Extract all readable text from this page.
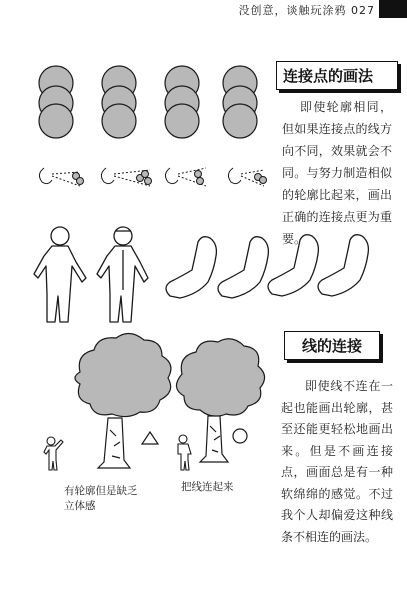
没创意，谈触玩涂鸦 027
连接点的画法
即使轮廓相同，但如果连接点的线方向不同，效果就会不同。与努力制造相似的轮廓比起来，画出正确的连接点更为重要。
线的连接
即使线不连在一起也能画出轮廓，甚至还能更轻松地画出来。但是不画连接点，画面总是有一种软绵绵的感觉。不过我个人却偏爱这种线条不相连的画法。
有轮廓但是缺乏立体感
把线连起来
